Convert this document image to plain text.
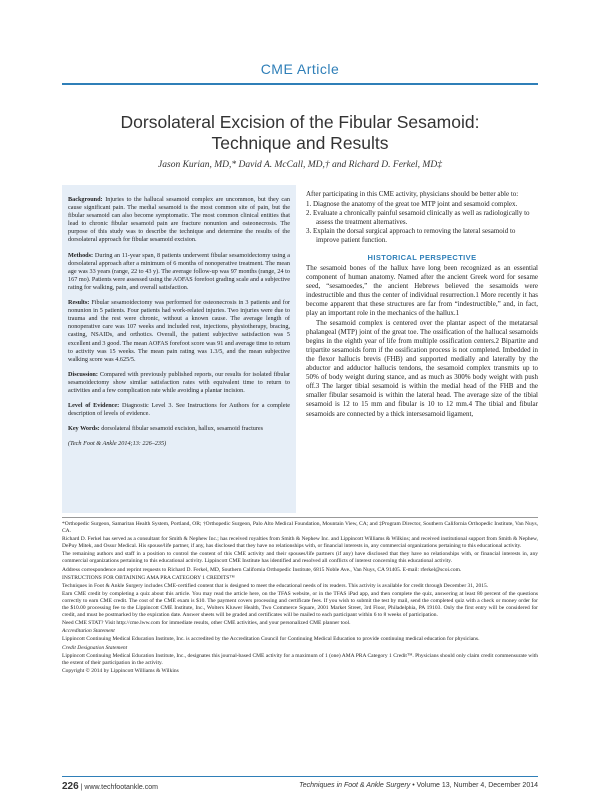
CME Article
Dorsolateral Excision of the Fibular Sesamoid:
Technique and Results
Jason Kurian, MD,* David A. McCall, MD,† and Richard D. Ferkel, MD‡

Background: Injuries to the hallucal sesamoid complex are uncommon, but they can cause significant pain. The medial sesamoid is the most common site of pain, but the fibular sesamoid can also become symptomatic. The most common clinical entities that lead to chronic fibular sesamoid pain are fracture nonunion and osteonecrosis. The purpose of this study was to describe the technique and determine the results of the dorsolateral approach for fibular sesamoid excision.

Methods: During an 11-year span, 8 patients underwent fibular sesamoidectomy using a dorsolateral approach after a minimum of 6 months of nonoperative treatment. The mean age was 33 years (range, 22 to 43 y). The average follow-up was 97 months (range, 24 to 167 mo). Patients were assessed using the AOFAS forefoot grading scale and a subjective rating for walking, pain, and overall satisfaction.

Results: Fibular sesamoidectomy was performed for osteonecrosis in 3 patients and for nonunion in 5 patients. Four patients had work-related injuries. Two injuries were due to trauma and the rest were chronic, without a known cause. The average length of nonoperative care was 107 weeks and included rest, injections, physiotherapy, bracing, casting, NSAIDs, and orthotics. Overall, the patient subjective satisfaction was 5 excellent and 3 good. The mean AOFAS forefoot score was 91 and average time to return to activity was 15 weeks. The mean pain rating was 1.3/5, and the mean subjective walking score was 4.625/5.

Discussion: Compared with previously published reports, our results for isolated fibular sesamoidectomy show similar satisfaction rates with equivalent time to return to activities and a few complication rate while avoiding a plantar incision.

Level of Evidence: Diagnostic Level 3. See Instructions for Authors for a complete description of levels of evidence.

Key Words: dorsolateral fibular sesamoid excision, hallux, sesamoid fractures

(Tech Foot & Ankle 2014;13: 226–235)

After participating in this CME activity, physicians should be better able to:

1. Diagnose the anatomy of the great toe MTP joint and sesamoid complex.
2. Evaluate a chronically painful sesamoid clinically as well as radiologically to assess the treatment alternatives.
3. Explain the dorsal surgical approach to removing the lateral sesamoid to improve patient function.
HISTORICAL PERSPECTIVE

The sesamoid bones of the hallux have long been recognized as an essential component of human anatomy. Named after the ancient Greek word for sesame seed, “sesamoedes,” the ancient Hebrews believed the sesamoids were indestructible and thus the center of individual resurrection.1 More recently it has become apparent that these structures are far from “indestructible,” and, in fact, play an important role in the mechanics of the hallux.1

The sesamoid complex is centered over the plantar aspect of the metatarsal phalangeal (MTP) joint of the great toe. The ossification of the hallucal sesamoids begins in the eighth year of life from multiple ossification centers.2 Bipartite and tripartite sesamoids form if the ossification process is not completed. Imbedded in the flexor hallucis brevis (FHB) and supported medially and laterally by the abductor and adductor hallucis tendons, the sesamoid complex transmits up to 50% of body weight during stance, and as much as 300% body weight with push off.3 The larger tibial sesamoid is within the medial head of the FHB and the smaller fibular sesamoid is within the lateral head. The average size of the tibial sesamoid is 12 to 15 mm and fibular is 10 to 12 mm.4 The tibial and fibular sesamoids are connected by a thick intersesamoid ligament,

*Orthopedic Surgeon, Samaritan Health System, Portland, OR; †Orthopedic Surgeon, Palo Alto Medical Foundation, Mountain View, CA; and ‡Program Director, Southern California Orthopedic Institute, Van Nuys, CA.

Richard D. Ferkel has served as a consultant for Smith & Nephew Inc.; has received royalties from Smith & Nephew Inc. and Lippincott Williams & Wilkins; and received institutional support from Smith & Nephew, DePuy Mitek, and Ossur Medical. His spouse/life partner, if any, has disclosed that they have no relationships with, or financial interests in, any commercial organizations pertaining to this educational activity.

The remaining authors and staff in a position to control the content of this CME activity and their spouses/life partners (if any) have disclosed that they have no relationships with, or financial interests in, any commercial organizations pertaining to this educational activity. Lippincott CME Institute has identified and resolved all conflicts of interest concerning this educational activity.

Address correspondence and reprint requests to Richard D. Ferkel, MD, Southern California Orthopedic Institute, 6815 Noble Ave., Van Nuys, CA 91405. E-mail: rferkel@scoi.com.

INSTRUCTIONS FOR OBTAINING AMA PRA CATEGORY 1 CREDITS™

Techniques in Foot & Ankle Surgery includes CME-certified content that is designed to meet the educational needs of its readers. This activity is available for credit through December 31, 2015.

Earn CME credit by completing a quiz about this article. You may read the article here, on the TFAS website, or in the TFAS iPad app, and then complete the quiz, answering at least 80 percent of the questions correctly to earn CME credit. The cost of the CME exam is $10. The payment covers processing and certificate fees. If you wish to submit the test by mail, send the completed quiz with a check or money order for the $10.00 processing fee to the Lippincott CME Institute, Inc., Wolters Kluwer Health, Two Commerce Square, 2001 Market Street, 3rd Floor, Philadelphia, PA 19103. Only the first entry will be considered for credit, and must be postmarked by the expiration date. Answer sheets will be graded and certificates will be mailed to each participant within 6 to 8 weeks of participation.

Need CME STAT? Visit http://cme.lww.com for immediate results, other CME activities, and your personalized CME planner tool.

Accreditation Statement

Lippincott Continuing Medical Education Institute, Inc. is accredited by the Accreditation Council for Continuing Medical Education to provide continuing medical education for physicians.

Credit Designation Statement

Lippincott Continuing Medical Education Institute, Inc., designates this journal-based CME activity for a maximum of 1 (one) AMA PRA Category 1 Credit™. Physicians should only claim credit commensurate with the extent of their participation in the activity.

Copyright © 2014 by Lippincott Williams & Wilkins

226 | www.techfootankle.com	Techniques in Foot & Ankle Surgery • Volume 13, Number 4, December 2014
